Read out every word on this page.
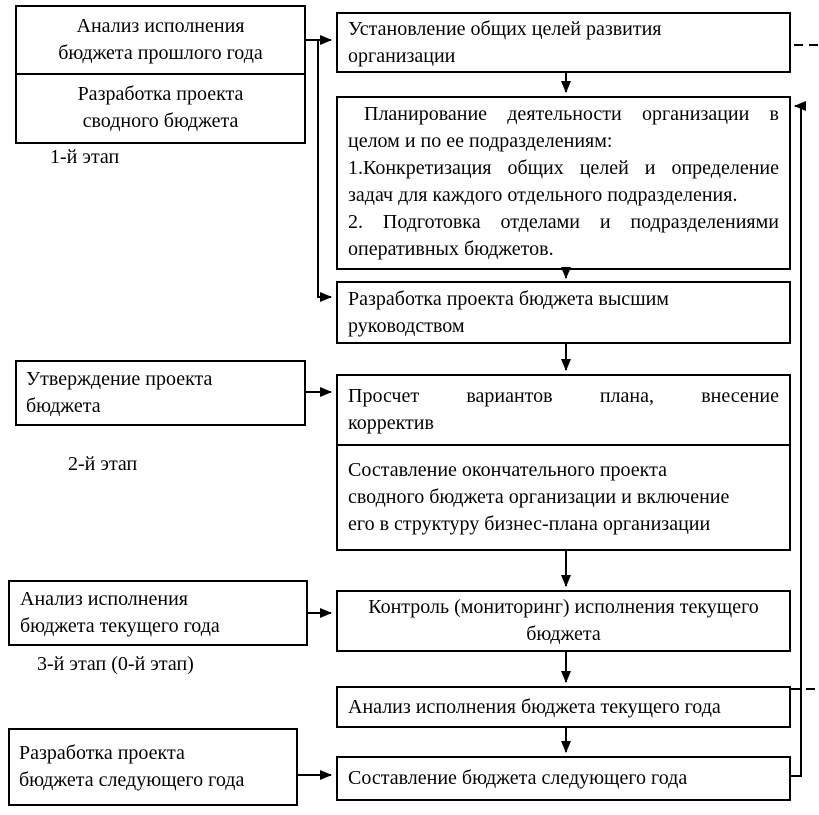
Анализ исполнения
бюджета прошлого года
Разработка проекта
сводного бюджета
1-й этап
Утверждение проекта
бюджета
2-й этап
Анализ исполнения
бюджета текущего года
3-й этап (0-й этап)
Разработка проекта
бюджета следующего года
Установление общих целей развития
организации
Планирование деятельности организации в
целом и по ее подразделениям:
1.Конкретизация общих целей и определение
задач для каждого отдельного подразделения.
2. Подготовка отделами и подразделениями
оперативных бюджетов.
Разработка проекта бюджета высшим
руководством
Просчет вариантов плана, внесение
корректив
Составление окончательного проекта
сводного бюджета организации и включение
его в структуру бизнес-плана организации
Контроль (мониторинг) исполнения текущего
бюджета
Анализ исполнения бюджета текущего года
Составление бюджета следующего года
